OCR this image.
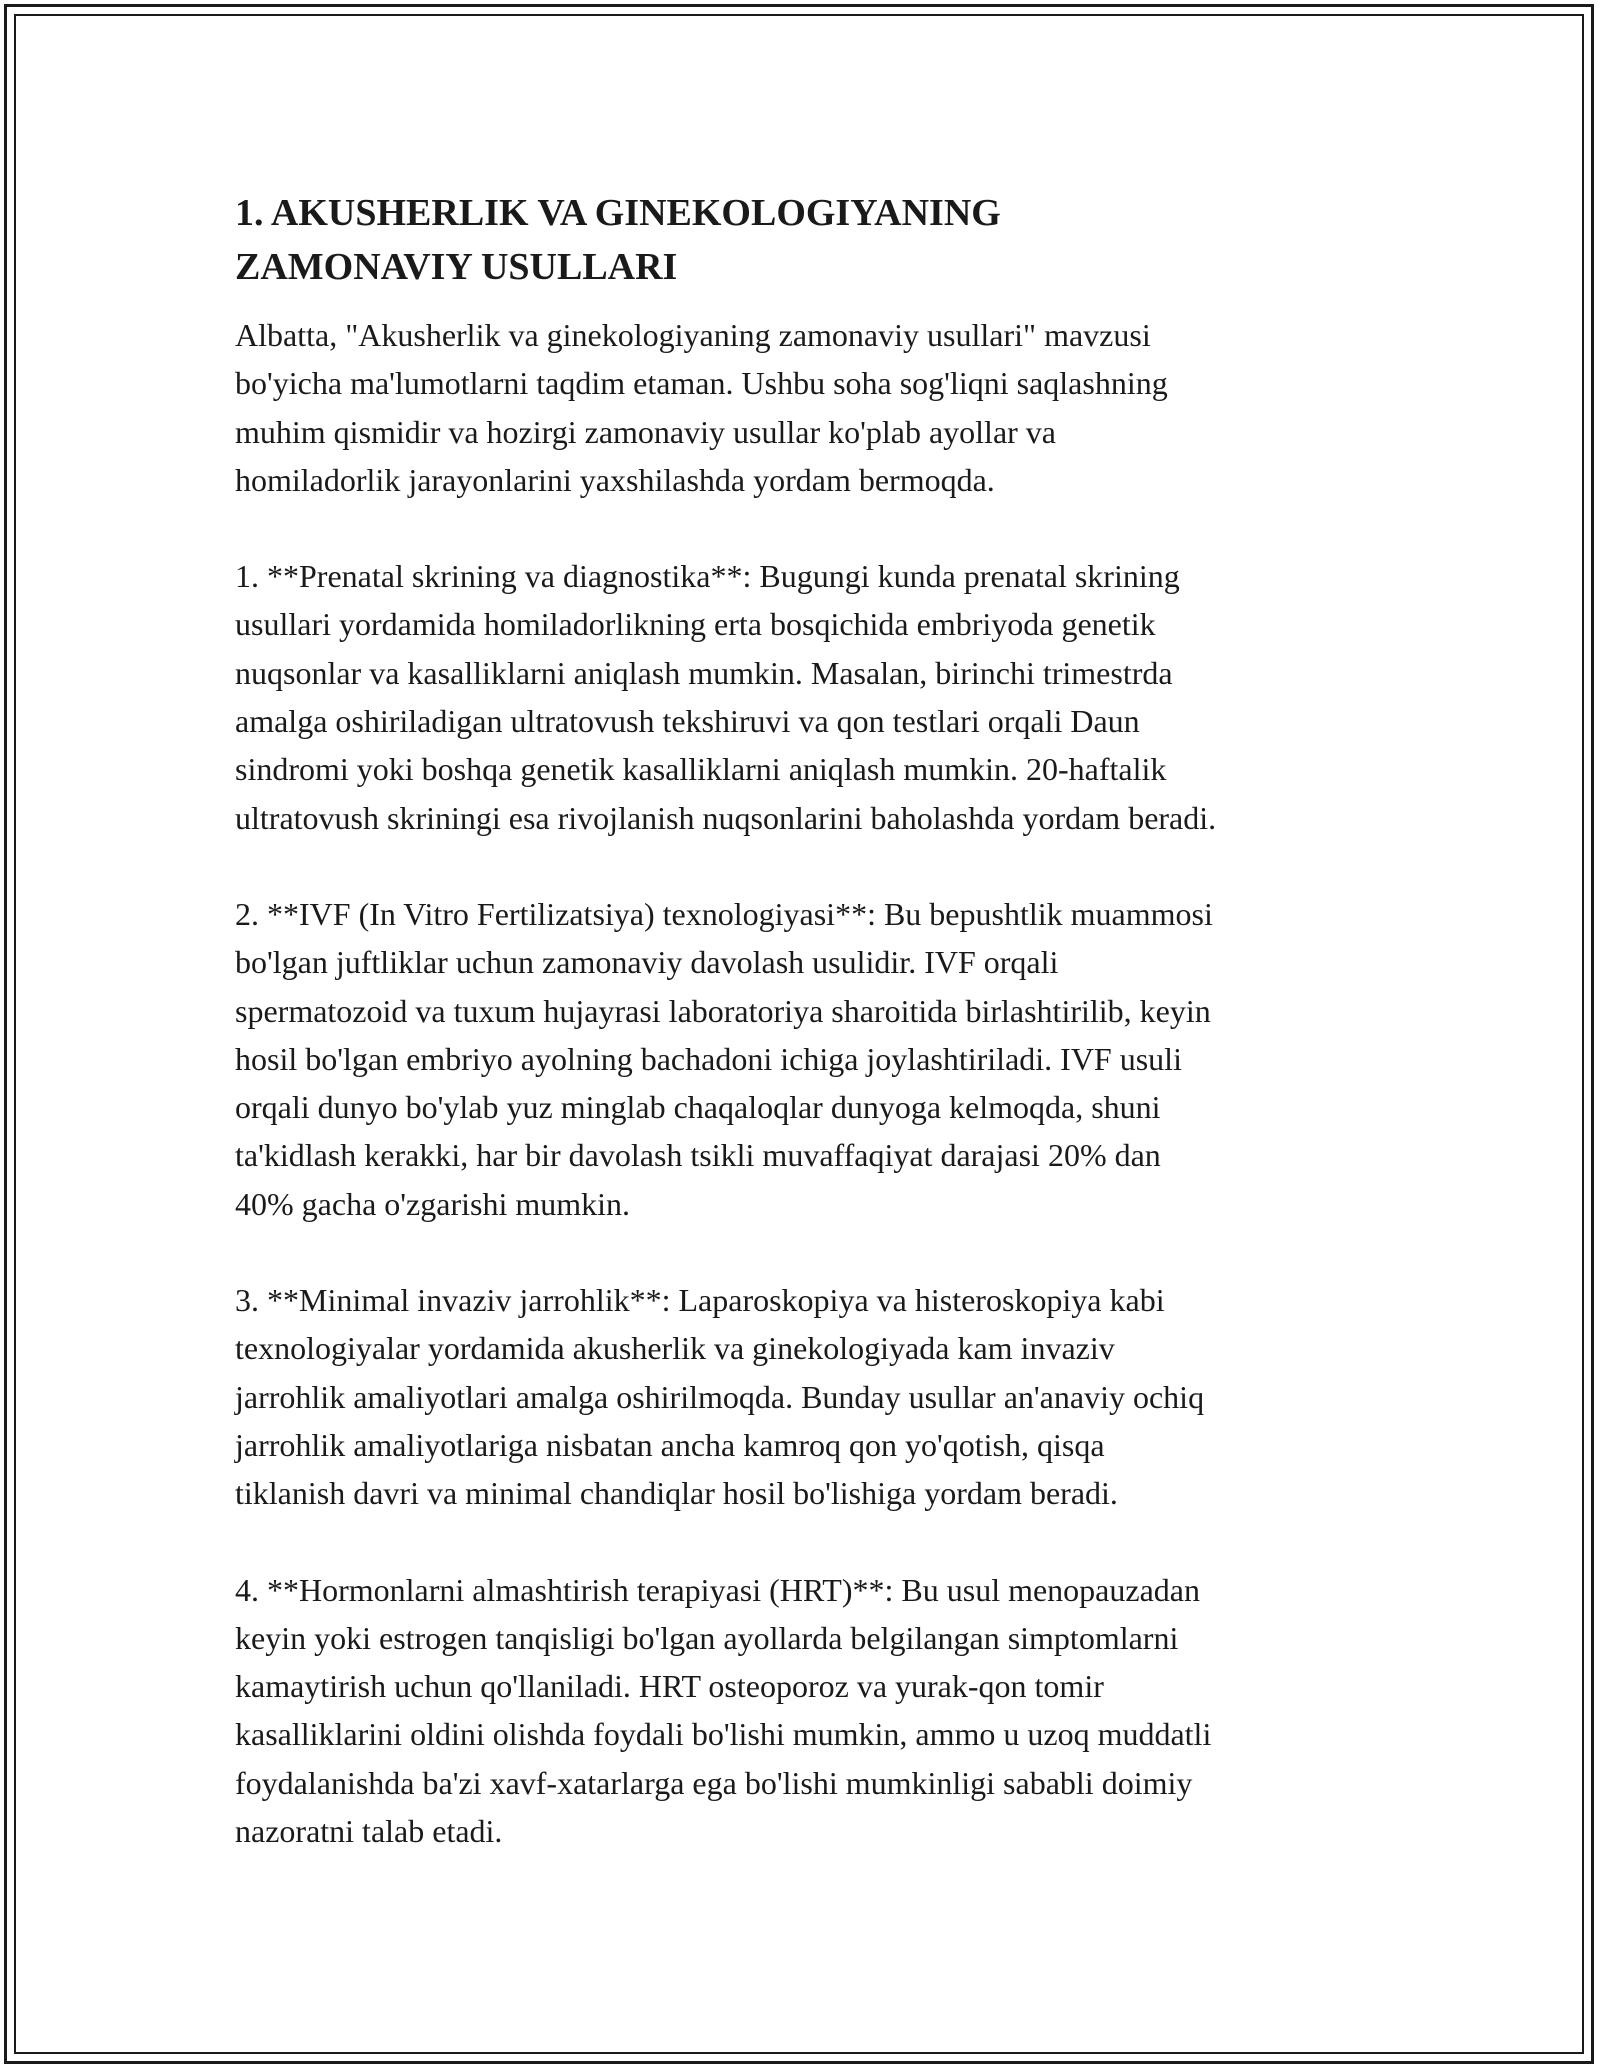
1. AKUSHERLIK VA GINEKOLOGIYANING
ZAMONAVIY USULLARI

Albatta, "Akusherlik va ginekologiyaning zamonaviy usullari" mavzusi
bo'yicha ma'lumotlarni taqdim etaman. Ushbu soha sog'liqni saqlashning
muhim qismidir va hozirgi zamonaviy usullar ko'plab ayollar va
homiladorlik jarayonlarini yaxshilashda yordam bermoqda.

1. **Prenatal skrining va diagnostika**: Bugungi kunda prenatal skrining
usullari yordamida homiladorlikning erta bosqichida embriyoda genetik
nuqsonlar va kasalliklarni aniqlash mumkin. Masalan, birinchi trimestrda
amalga oshiriladigan ultratovush tekshiruvi va qon testlari orqali Daun
sindromi yoki boshqa genetik kasalliklarni aniqlash mumkin. 20-haftalik
ultratovush skriningi esa rivojlanish nuqsonlarini baholashda yordam beradi.

2. **IVF (In Vitro Fertilizatsiya) texnologiyasi**: Bu bepushtlik muammosi
bo'lgan juftliklar uchun zamonaviy davolash usulidir. IVF orqali
spermatozoid va tuxum hujayrasi laboratoriya sharoitida birlashtirilib, keyin
hosil bo'lgan embriyo ayolning bachadoni ichiga joylashtiriladi. IVF usuli
orqali dunyo bo'ylab yuz minglab chaqaloqlar dunyoga kelmoqda, shuni
ta'kidlash kerakki, har bir davolash tsikli muvaffaqiyat darajasi 20% dan
40% gacha o'zgarishi mumkin.

3. **Minimal invaziv jarrohlik**: Laparoskopiya va histeroskopiya kabi
texnologiyalar yordamida akusherlik va ginekologiyada kam invaziv
jarrohlik amaliyotlari amalga oshirilmoqda. Bunday usullar an'anaviy ochiq
jarrohlik amaliyotlariga nisbatan ancha kamroq qon yo'qotish, qisqa
tiklanish davri va minimal chandiqlar hosil bo'lishiga yordam beradi.

4. **Hormonlarni almashtirish terapiyasi (HRT)**: Bu usul menopauzadan
keyin yoki estrogen tanqisligi bo'lgan ayollarda belgilangan simptomlarni
kamaytirish uchun qo'llaniladi. HRT osteoporoz va yurak-qon tomir
kasalliklarini oldini olishda foydali bo'lishi mumkin, ammo u uzoq muddatli
foydalanishda ba'zi xavf-xatarlarga ega bo'lishi mumkinligi sababli doimiy
nazoratni talab etadi.
